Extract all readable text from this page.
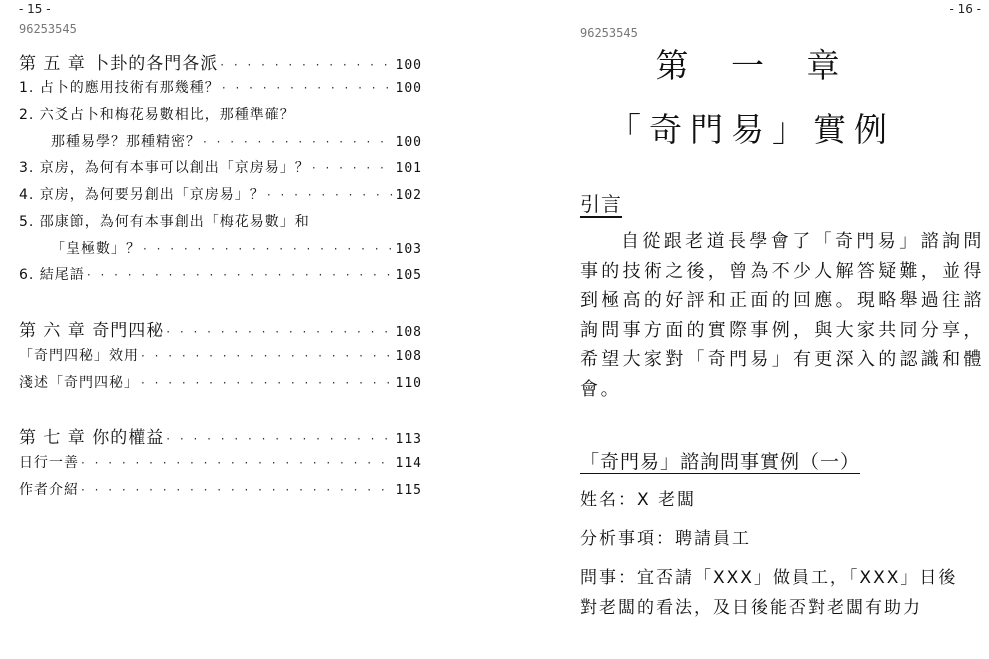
- 15 -
96253545
第 五 章 卜卦的各門各派 · · ·	100
1. 占卜的應用技術有那幾種？ · · ·	100
2. 六爻占卜和梅花易數相比，那種準確？
那種易學？那種精密？ · · ·	100
3. 京房，為何有本事可以創出「京房易」？ · · ·	101
4. 京房，為何要另創出「京房易」？ · · ·	102
5. 邵康節，為何有本事創出「梅花易數」和
「皇極數」？ · · ·	103
6. 結尾語 · · ·	105
第 六 章 奇門四秘 · · ·	108
「奇門四秘」效用 · · ·	108
淺述「奇門四秘」 · · ·	110
第 七 章 你的權益 · · ·	113
日行一善 · · ·	114
作者介紹 · · ·	115
- 16 -
96253545
第 一 章
「奇門易」實例
引言
自從跟老道長學會了「奇門易」諮詢問事的技術之後，曾為不少人解答疑難，並得到極高的好評和正面的回應。現略舉過往諮詢問事方面的實際事例，與大家共同分享，希望大家對「奇門易」有更深入的認識和體會。
「奇門易」諮詢問事實例（一）
姓名：X 老闆
分析事項：聘請員工
問事：宜否請「XXX」做員工，「XXX」日後
對老闆的看法，及日後能否對老闆有助力
